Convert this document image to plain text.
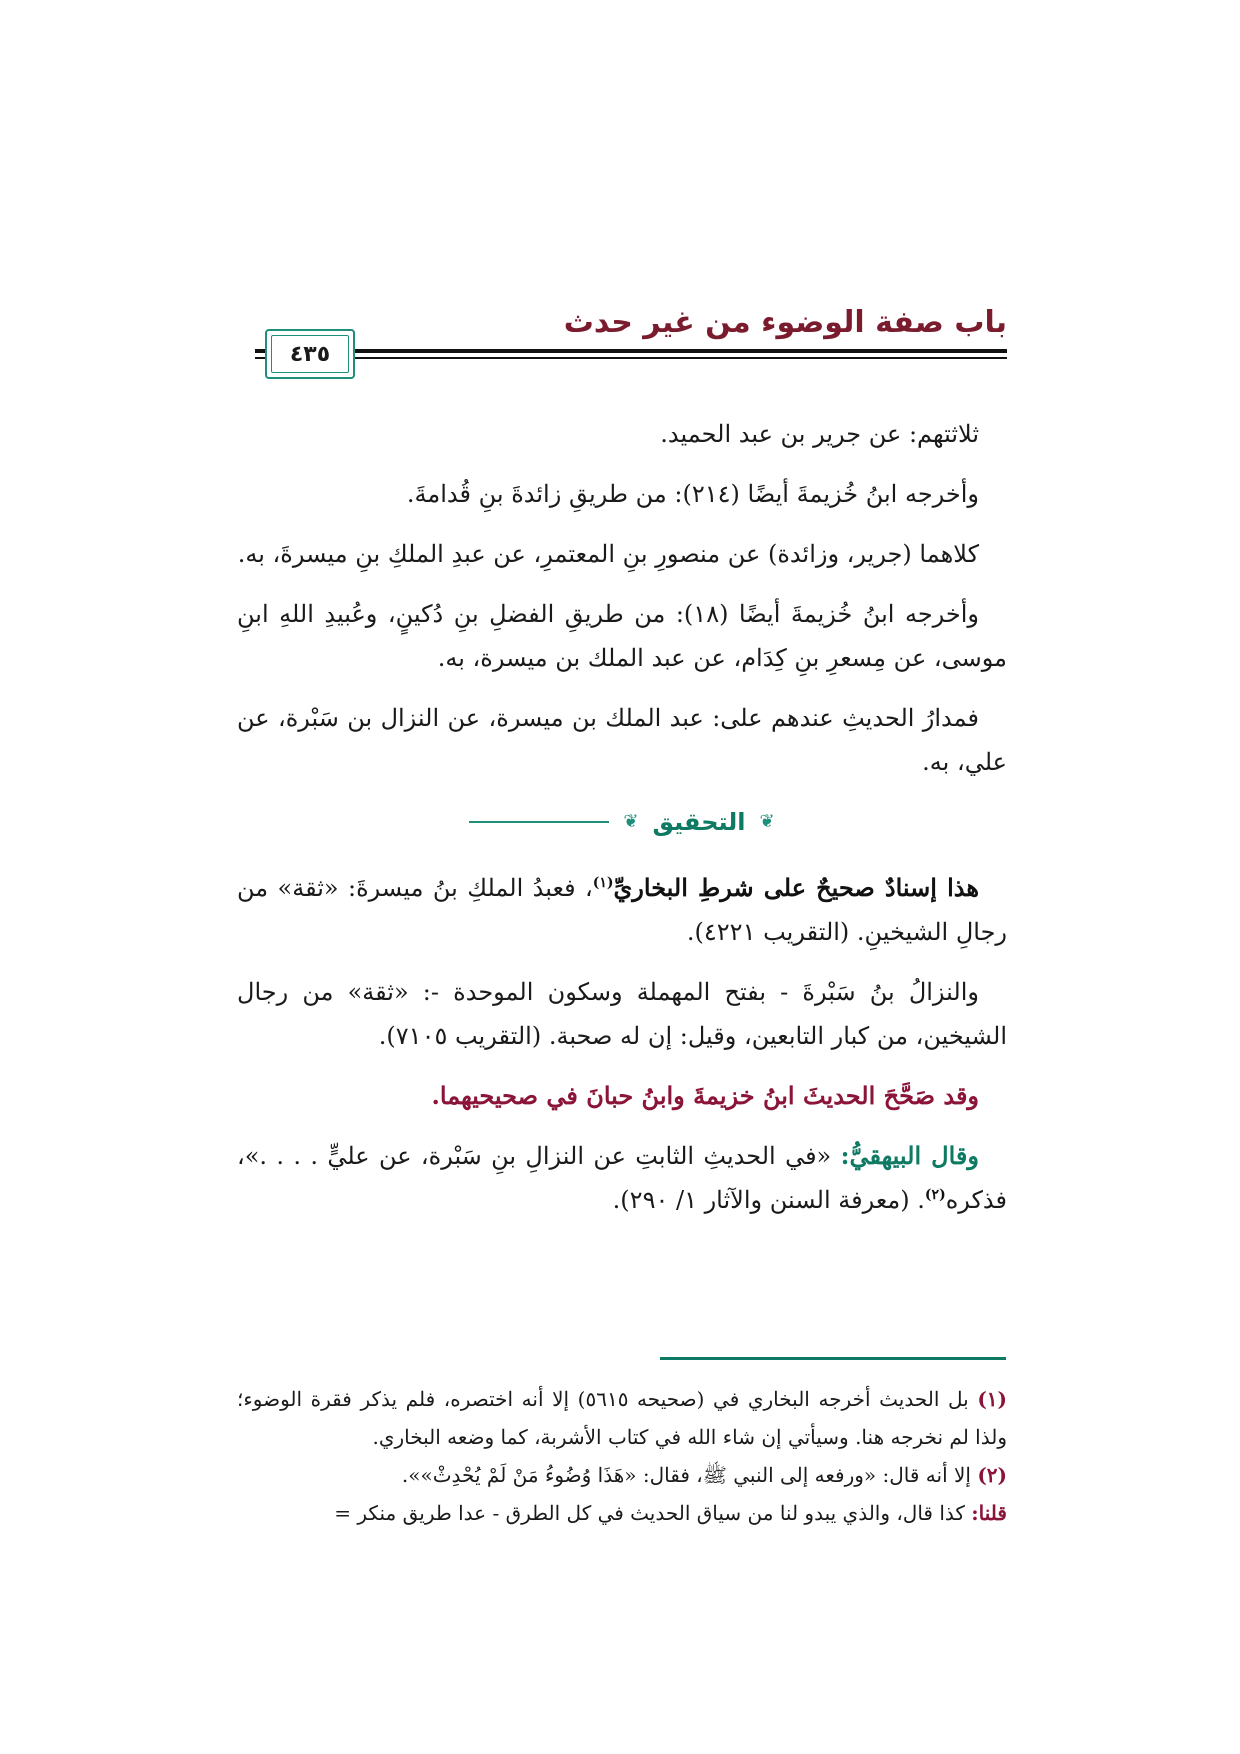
باب صفة الوضوء من غير حدث
٤٣٥

ثلاثتهم: عن جرير بن عبد الحميد.

وأخرجه ابنُ خُزيمةَ أيضًا (٢١٤): من طريقِ زائدةَ بنِ قُدامةَ.

كلاهما (جرير، وزائدة) عن منصورِ بنِ المعتمرِ، عن عبدِ الملكِ بنِ ميسرةَ، به.

وأخرجه ابنُ خُزيمةَ أيضًا (١٨): من طريقِ الفضلِ بنِ دُكينٍ، وعُبيدِ اللهِ ابنِ موسى، عن مِسعرِ بنِ كِدَام، عن عبد الملك بن ميسرة، به.

فمدارُ الحديثِ عندهم على: عبد الملك بن ميسرة، عن النزال بن سَبْرة، عن علي، به.

❦
التحقيق
❦

هذا إسنادٌ صحيحٌ على شرطِ البخاريِّ$^{(١)}$، فعبدُ الملكِ بنُ ميسرةَ: «ثقة» من رجالِ الشيخينِ. (التقريب ٤٢٢١).

والنزالُ بنُ سَبْرةَ - بفتح المهملة وسكون الموحدة -: «ثقة» من رجال الشيخين، من كبار التابعين، وقيل: إن له صحبة. (التقريب ٧١٠٥).

وقد صَحَّحَ الحديثَ ابنُ خزيمةَ وابنُ حبانَ في صحيحيهما.

وقال البيهقيُّ: «في الحديثِ الثابتِ عن النزالِ بنِ سَبْرة، عن عليٍّ . . . .»، فذكره$^{(٢)}$. (معرفة السنن والآثار ١/ ٢٩٠).

(١) بل الحديث أخرجه البخاري في (صحيحه ٥٦١٥) إلا أنه اختصره، فلم يذكر فقرة الوضوء؛ ولذا لم نخرجه هنا. وسيأتي إن شاء الله في كتاب الأشربة، كما وضعه البخاري.

(٢) إلا أنه قال: «ورفعه إلى النبي ﷺ، فقال: «هَذَا وُضُوءُ مَنْ لَمْ يُحْدِثْ»».

قلنا: كذا قال، والذي يبدو لنا من سياق الحديث في كل الطرق - عدا طريق منكر =
